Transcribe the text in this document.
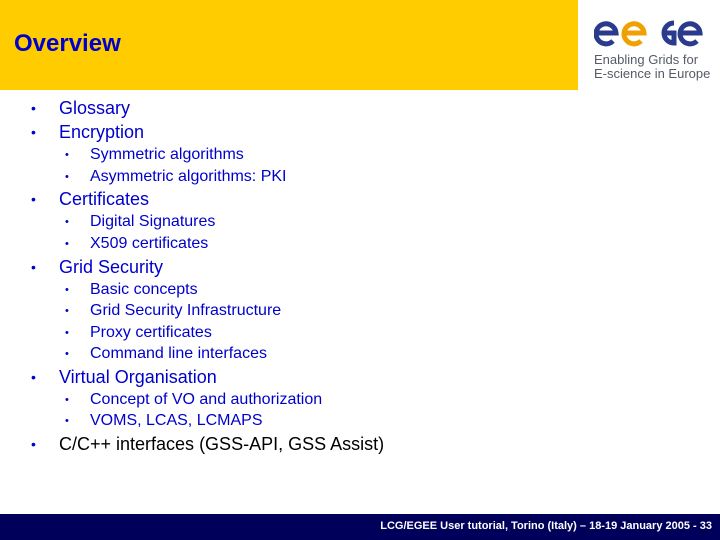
Overview
Enabling Grids for
E-science in Europe
• Glossary
• Encryption
• Symmetric algorithms
• Asymmetric algorithms: PKI
• Certificates
• Digital Signatures
• X509 certificates
• Grid Security
• Basic concepts
• Grid Security Infrastructure
• Proxy certificates
• Command line interfaces
• Virtual Organisation
• Concept of VO and authorization
• VOMS, LCAS, LCMAPS
• C/C++ interfaces (GSS-API, GSS Assist)
LCG/EGEE User tutorial, Torino (Italy) – 18-19 January 2005 - 33
